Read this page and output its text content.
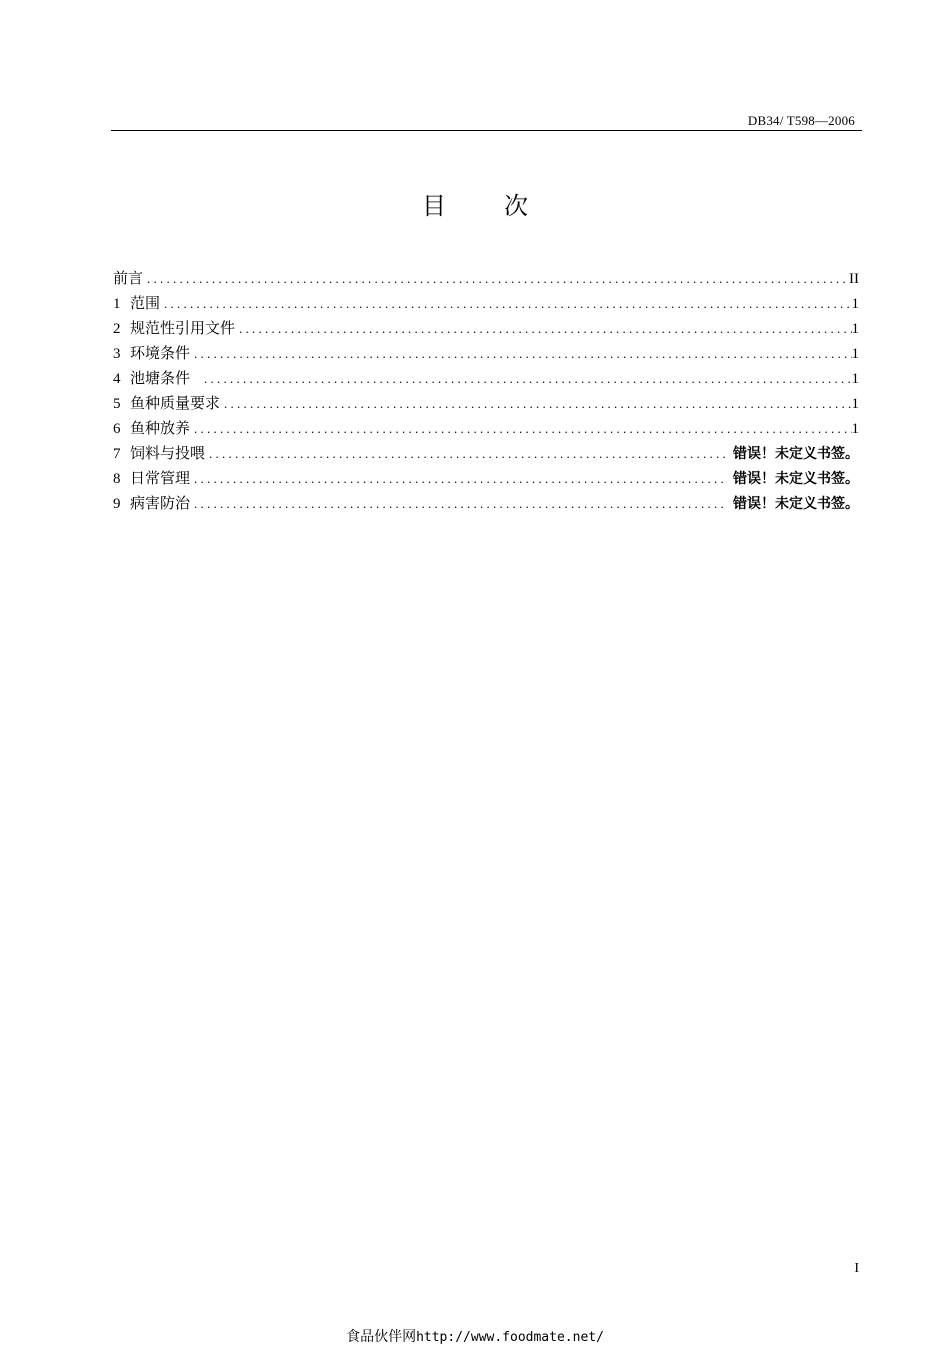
DB34/ T598—2006
目 次
前言 . . .	II
1 范围 . . .	1
2 规范性引用文件 . . .	1
3 环境条件 . . .	1
4 池塘条件 . . .	1
5 鱼种质量要求 . . .	1
6 鱼种放养 . . .	1
7 饲料与投喂 . . .	错误！未定义书签。
8 日常管理 . . .	错误！未定义书签。
9 病害防治 . . .	错误！未定义书签。
I
食品伙伴网http://www.foodmate.net/
